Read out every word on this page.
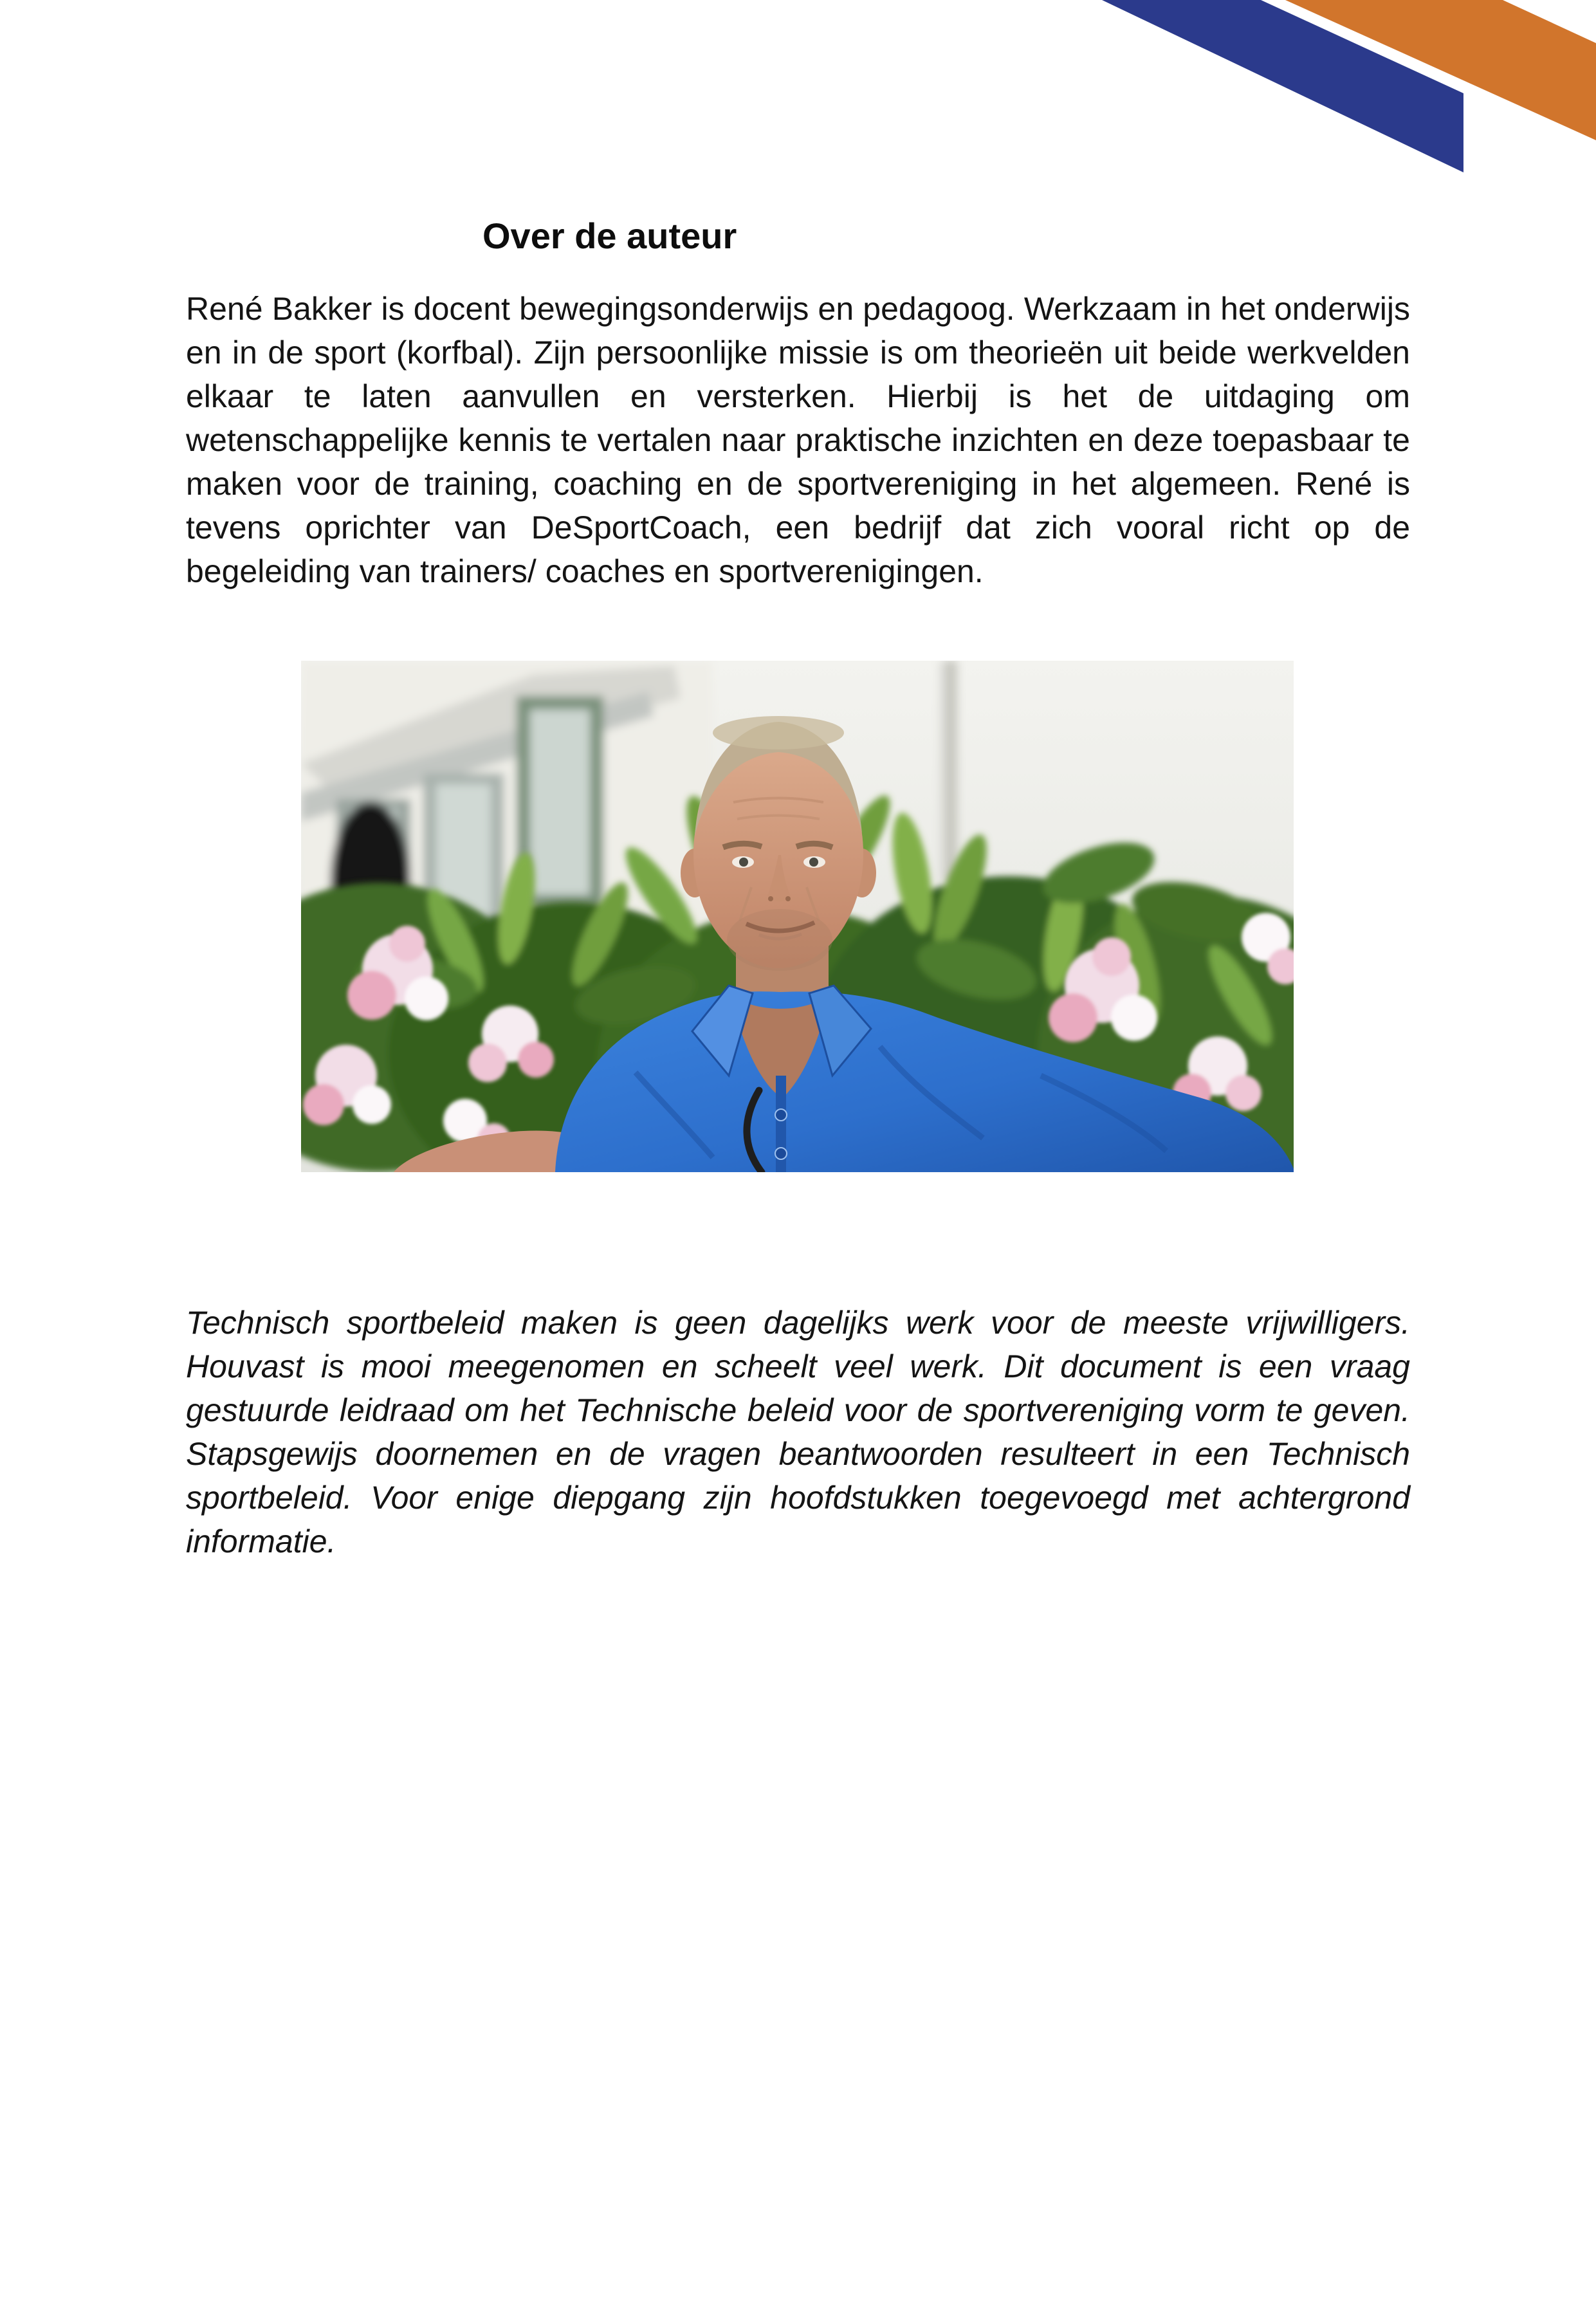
Over de auteur
René Bakker is docent bewegingsonderwijs en pedagoog. Werkzaam in het onderwijs en in de sport (korfbal). Zijn persoonlijke missie is om theorieën uit beide werkvelden elkaar te laten aanvullen en versterken. Hierbij is het de uitdaging om wetenschappelijke kennis te vertalen naar praktische inzichten en deze toepasbaar te maken voor de training, coaching en de sportvereniging in het algemeen. René is tevens oprichter van DeSportCoach, een bedrijf dat zich vooral richt op de begeleiding van trainers/ coaches en sportverenigingen.
Technisch sportbeleid maken is geen dagelijks werk voor de meeste vrijwilligers. Houvast is mooi meegenomen en scheelt veel werk. Dit document is een vraag gestuurde leidraad om het Technische beleid voor de sportvereniging vorm te geven. Stapsgewijs doornemen en de vragen beantwoorden resulteert in een Technisch sportbeleid. Voor enige diepgang zijn hoofdstukken toegevoegd met achtergrond informatie.
